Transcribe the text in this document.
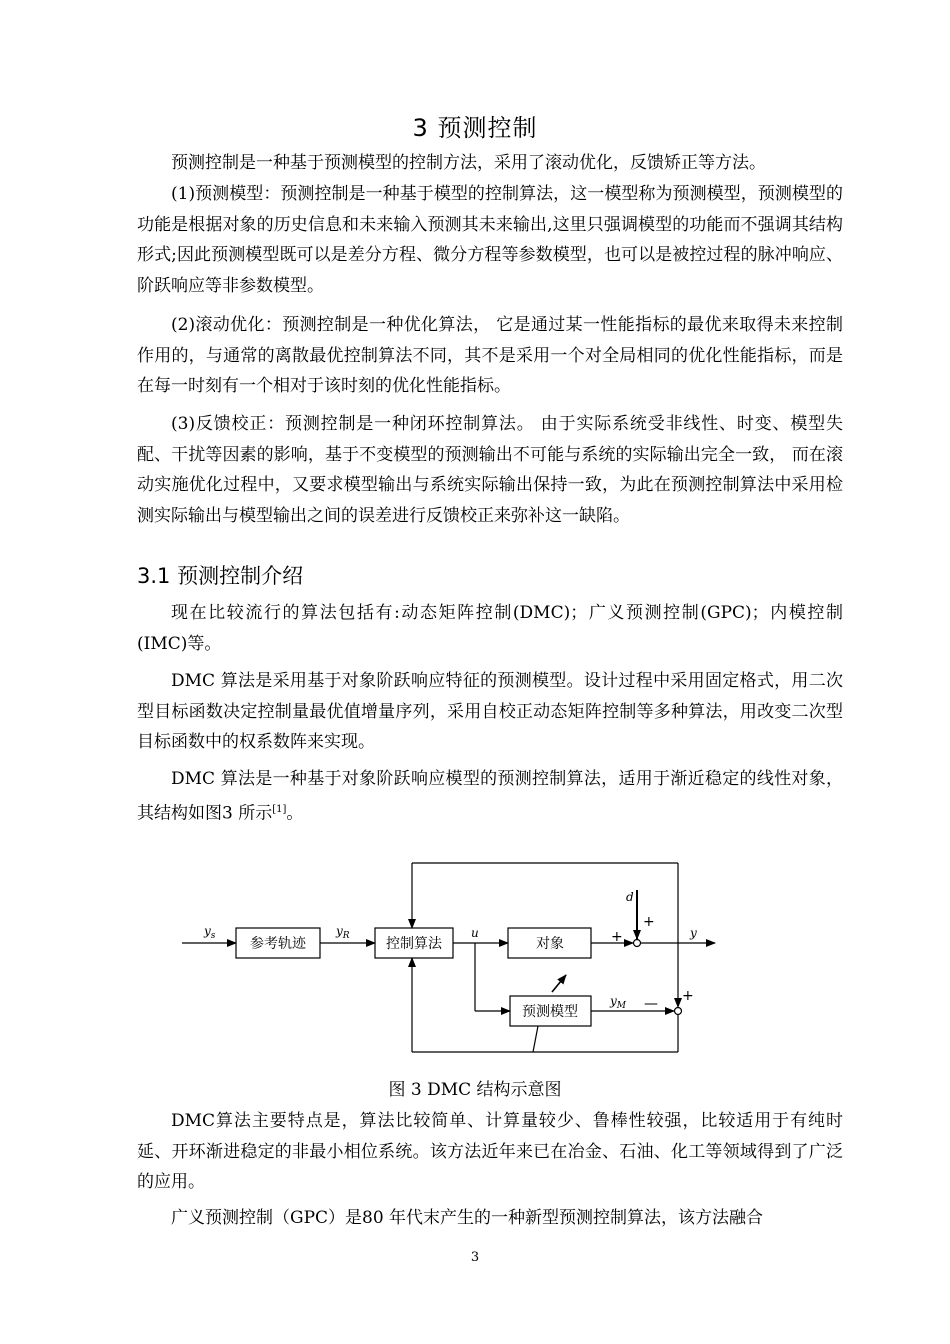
3 预测控制

预测控制是一种基于预测模型的控制方法，采用了滚动优化，反馈矫正等方法。

(1)预测模型：预测控制是一种基于模型的控制算法，这一模型称为预测模型，预测模型的功能是根据对象的历史信息和未来输入预测其未来输出,这里只强调模型的功能而不强调其结构形式;因此预测模型既可以是差分方程、微分方程等参数模型，也可以是被控过程的脉冲响应、阶跃响应等非参数模型。

(2)滚动优化：预测控制是一种优化算法， 它是通过某一性能指标的最优来取得未来控制作用的，与通常的离散最优控制算法不同，其不是采用一个对全局相同的优化性能指标，而是在每一时刻有一个相对于该时刻的优化性能指标。

(3)反馈校正：预测控制是一种闭环控制算法。 由于实际系统受非线性、时变、模型失配、干扰等因素的影响，基于不变模型的预测输出不可能与系统的实际输出完全一致， 而在滚动实施优化过程中，又要求模型输出与系统实际输出保持一致，为此在预测控制算法中采用检测实际输出与模型输出之间的误差进行反馈校正来弥补这一缺陷。

3.1 预测控制介绍

现在比较流行的算法包括有:动态矩阵控制(DMC)；广义预测控制(GPC)；内模控制(IMC)等。

DMC 算法是采用基于对象阶跃响应特征的预测模型。设计过程中采用固定格式，用二次型目标函数决定控制量最优值增量序列，采用自校正动态矩阵控制等多种算法，用改变二次型目标函数中的权系数阵来实现。

DMC 算法是一种基于对象阶跃响应模型的预测控制算法，适用于渐近稳定的线性对象，其结构如图3 所示[1]。

参考轨迹	控制算法	对象
预测模型
$y_s$	$y_R$	u	y
d
$y_M$
+
+
+
—
图 3 DMC 结构示意图

DMC算法主要特点是，算法比较简单、计算量较少、鲁棒性较强，比较适用于有纯时延、开环渐进稳定的非最小相位系统。该方法近年来已在冶金、石油、化工等领域得到了广泛的应用。

广义预测控制（GPC）是80 年代末产生的一种新型预测控制算法，该方法融合

3
